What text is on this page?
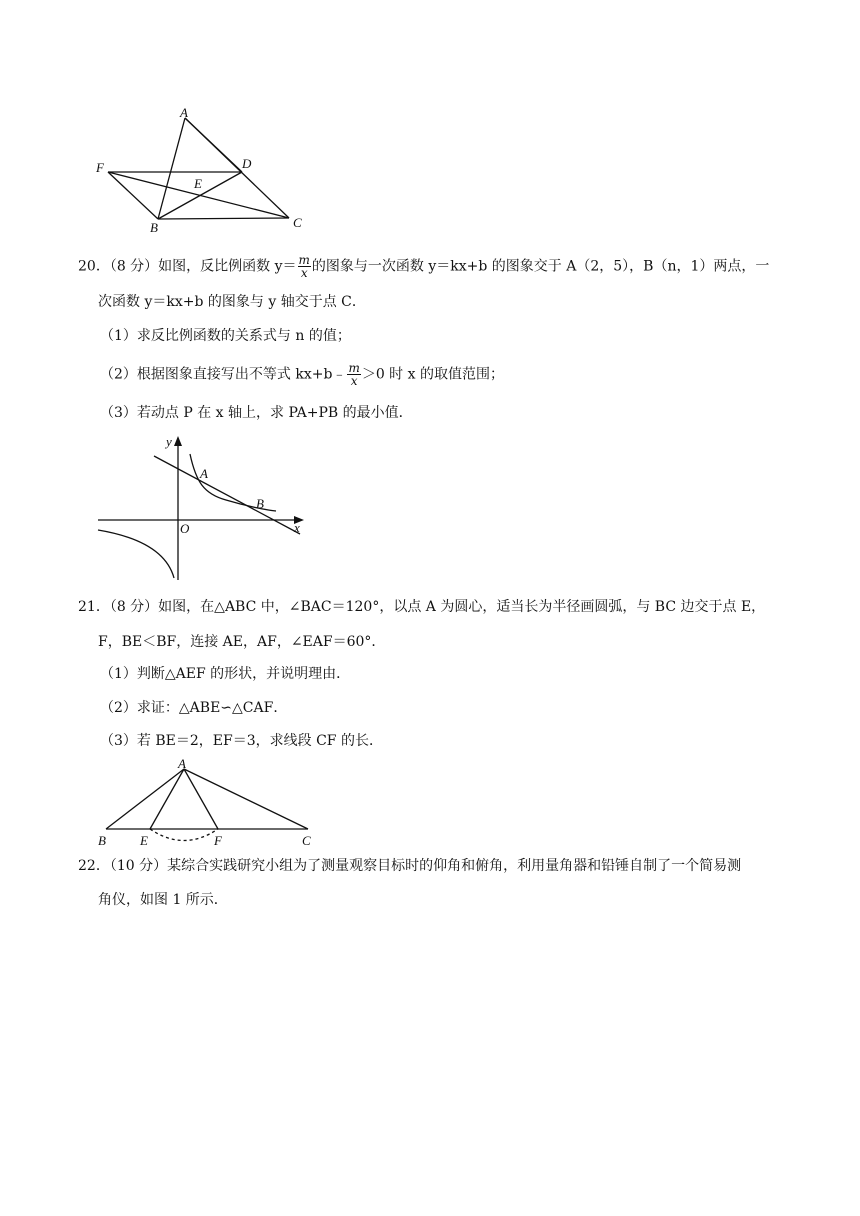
A
B	C
D
E
F
20．（8 分）如图，反比例函数 $y= \frac{m}{x}$ 的图象与一次函数 y＝kx+b 的图象交于 A（2，5），B（n，1）两点，一
次函数 y＝kx+b 的图象与 y 轴交于点 C．
（1）求反比例函数的关系式与 n 的值；
（2）根据图象直接写出不等式 kx+b﹣ $\frac{m}{x} >0$ 时 x 的取值范围；
（3）若动点 P 在 x 轴上，求 PA+PB 的最小值．
y
x
O
A
B
21．（8 分）如图，在△ABC 中，∠BAC＝120°，以点 A 为圆心，适当长为半径画圆弧，与 BC 边交于点 E，
F，BE＜BF，连接 AE，AF，∠EAF＝60°．
（1）判断△AEF 的形状，并说明理由．
（2）求证：△ABE∽△CAF．
（3）若 BE＝2，EF＝3，求线段 CF 的长．
A
B	C
E	F
22．（10 分）某综合实践研究小组为了测量观察目标时的仰角和俯角，利用量角器和铅锤自制了一个简易测
角仪，如图 1 所示．
